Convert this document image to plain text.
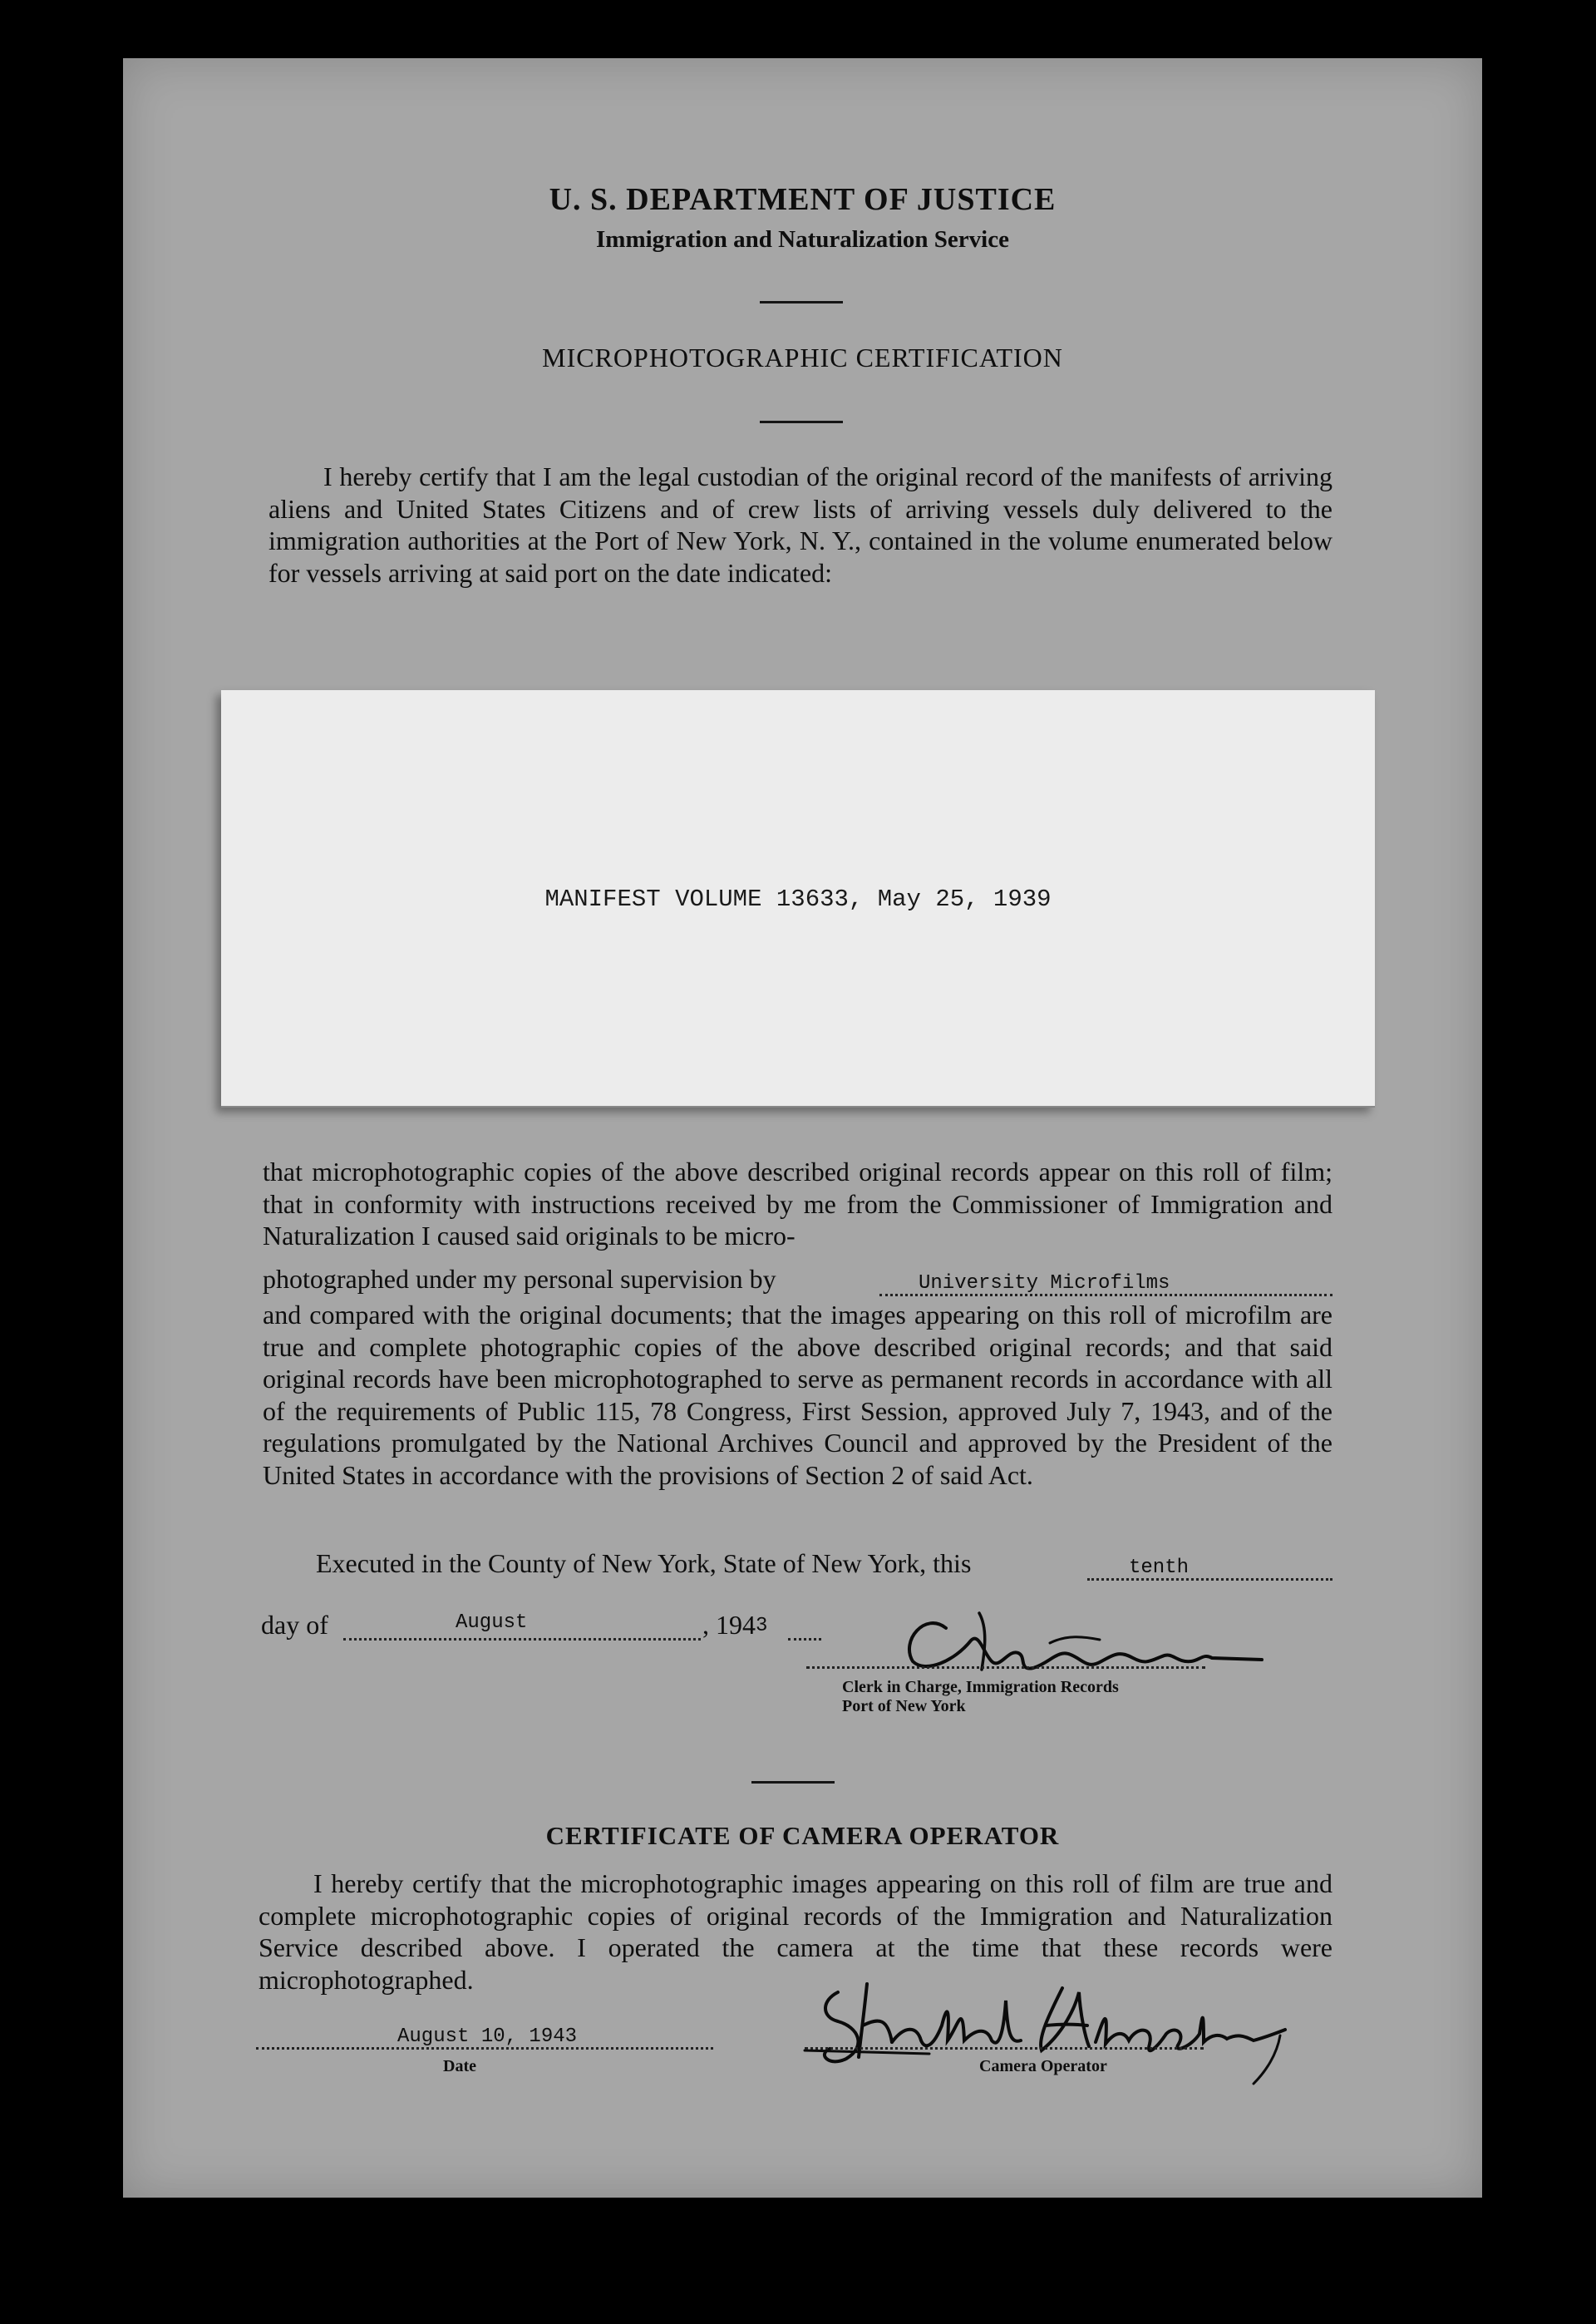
U. S. DEPARTMENT OF JUSTICE
Immigration and Naturalization Service
MICROPHOTOGRAPHIC CERTIFICATION

I hereby certify that I am the legal custodian of the original record of the manifests of arriving aliens and United States Citizens and of crew lists of arriving vessels duly delivered to the immigration authorities at the Port of New York, N. Y., contained in the volume enumerated below for vessels arriving at said port on the date indicated:

MANIFEST VOLUME 13633, May 25, 1939

that microphotographic copies of the above described original records appear on this roll of film; that in conformity with instructions received by me from the Commissioner of Immigration and Naturalization I caused said originals to be micro-

photographed under my personal supervision by	University Microfilms

and compared with the original documents; that the images appearing on this roll of microfilm are true and complete photographic copies of the above described original records; and that said original records have been microphotographed to serve as permanent records in accordance with all of the requirements of Public 115, 78 Congress, First Session, approved July 7, 1943, and of the regulations promulgated by the National Archives Council and approved by the President of the United States in accordance with the provisions of Section 2 of said Act.

Executed in the County of New York, State of New York, this	tenth
day of	August	, 1943
Clerk in Charge, Immigration Records
Port of New York
CERTIFICATE OF CAMERA OPERATOR

I hereby certify that the microphotographic images appearing on this roll of film are true and complete microphotographic copies of original records of the Immigration and Naturalization Service described above. I operated the camera at the time that these records were microphotographed.

August 10, 1943
Date	Camera Operator
